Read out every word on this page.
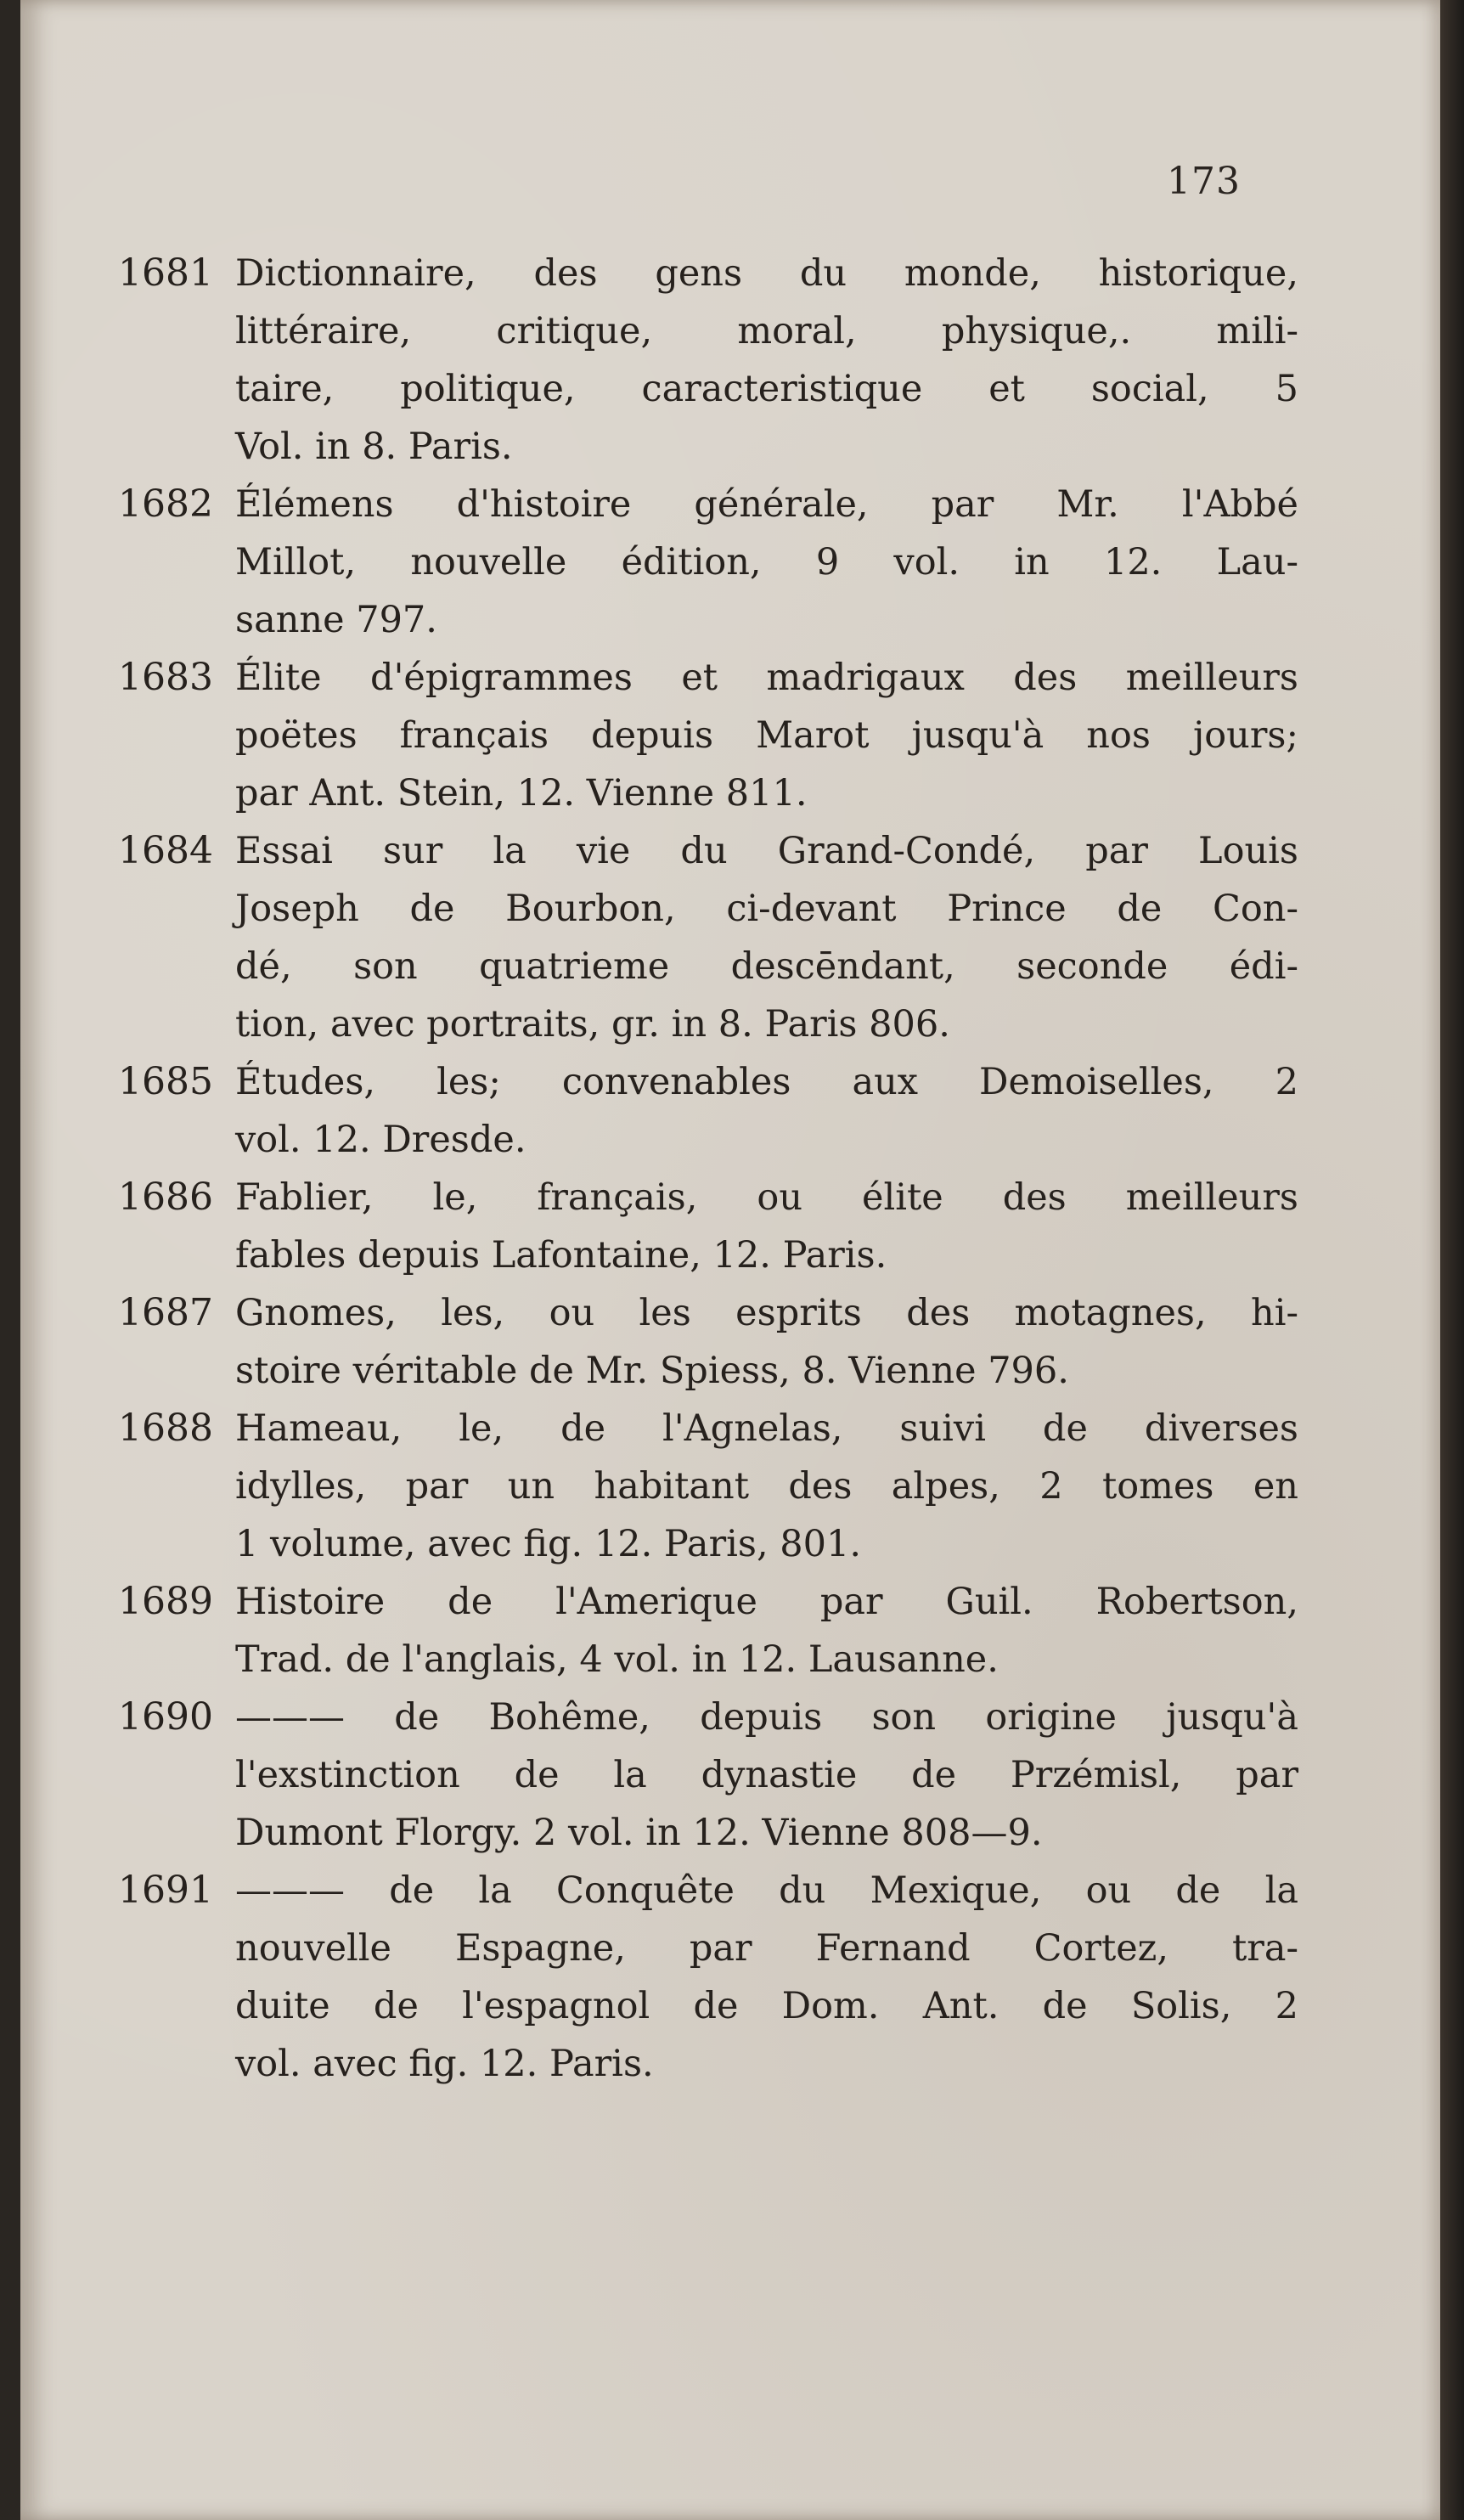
173
1681 Dictionnaire, des gens du monde, historique,
littéraire, critique, moral, physique,. mili-
taire, politique, caracteristique et social, 5
Vol. in 8. Paris.
1682 Élémens d'histoire générale, par Mr. l'Abbé
Millot, nouvelle édition, 9 vol. in 12. Lau-
sanne 797.
1683 Élite d'épigrammes et madrigaux des meilleurs
poëtes français depuis Marot jusqu'à nos jours;
par Ant. Stein, 12. Vienne 811.
1684 Essai sur la vie du Grand-Condé, par Louis
Joseph de Bourbon, ci-devant Prince de Con-
dé, son quatrieme descēndant, seconde édi-
tion, avec portraits, gr. in 8. Paris 806.
1685 Études, les; convenables aux Demoiselles, 2
vol. 12. Dresde.
1686 Fablier, le, français, ou élite des meilleurs
fables depuis Lafontaine, 12. Paris.
1687 Gnomes, les, ou les esprits des motagnes, hi-
stoire véritable de Mr. Spiess, 8. Vienne 796.
1688 Hameau, le, de l'Agnelas, suivi de diverses
idylles, par un habitant des alpes, 2 tomes en
1 volume, avec fig. 12. Paris, 801.
1689 Histoire de l'Amerique par Guil. Robertson,
Trad. de l'anglais, 4 vol. in 12. Lausanne.
1690 ——— de Bohême, depuis son origine jusqu'à
l'exstinction de la dynastie de Przémisl, par
Dumont Florgy. 2 vol. in 12. Vienne 808—9.
1691 ——— de la Conquête du Mexique, ou de la
nouvelle Espagne, par Fernand Cortez, tra-
duite de l'espagnol de Dom. Ant. de Solis, 2
vol. avec fig. 12. Paris.
